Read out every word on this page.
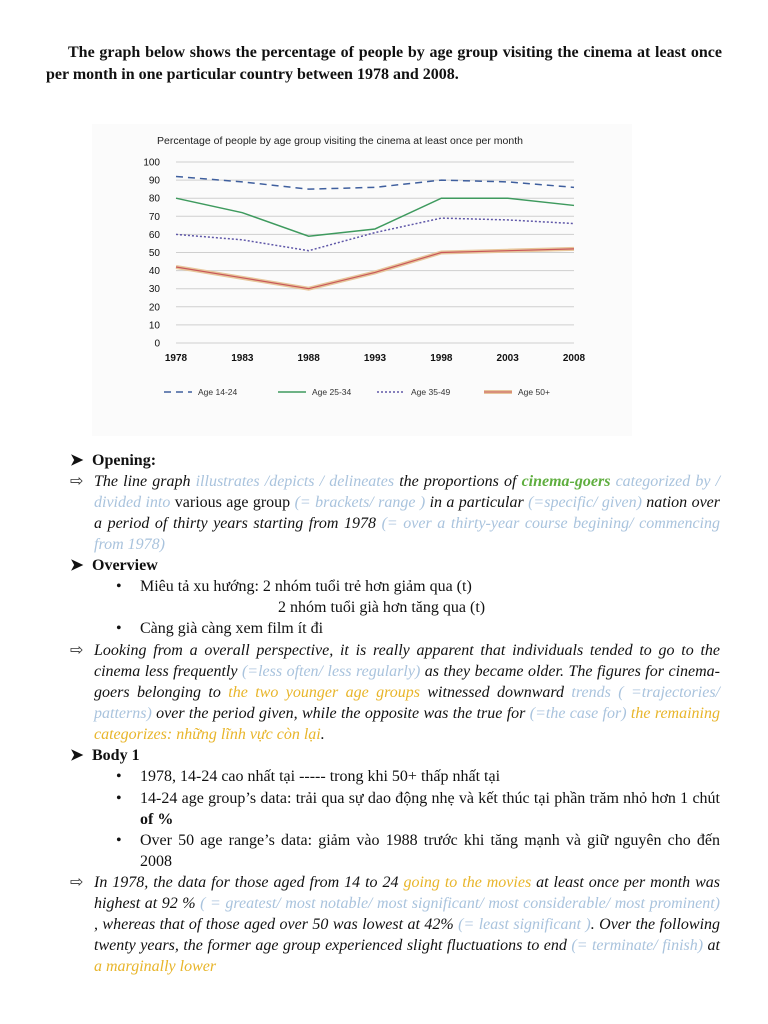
The graph below shows the percentage of people by age group visiting the cinema at least once per month in one particular country between 1978 and 2008.

Percentage of people by age group visiting the cinema at least once per month
100
90
80
70
60
50
40
30
20
10
0
1978	1983	1988	1993	1998	2003	2008
Age 14-24	Age 25-34	Age 35-49	Age 50+

➤ Opening:

⇨ The line graph illustrates /depicts / delineates the proportions of cinema-goers categorized by / divided into various age group (= brackets/ range ) in a particular (=specific/ given) nation over a period of thirty years starting from 1978 (= over a thirty-year course begining/ commencing from 1978)

➤ Overview

•	Miêu tả xu hướng: 2 nhóm tuổi trẻ hơn giảm qua (t)
2 nhóm tuổi già hơn tăng qua (t)
•	Càng già càng xem film ít đi

⇨ Looking from a overall perspective, it is really apparent that individuals tended to go to the cinema less frequently (=less often/ less regularly) as they became older. The figures for cinema-goers belonging to the two younger age groups witnessed downward trends ( =trajectories/ patterns) over the period given, while the opposite was the true for (=the case for) the remaining categorizes: những lĩnh vực còn lại.

➤ Body 1

•	1978, 14-24 cao nhất tại ----- trong khi 50+ thấp nhất tại
•	14-24 age group’s data: trải qua sự dao động nhẹ và kết thúc tại phần trăm nhỏ hơn 1 chút of %
•	Over 50 age range’s data: giảm vào 1988 trước khi tăng mạnh và giữ nguyên cho đến 2008

⇨ In 1978, the data for those aged from 14 to 24 going to the movies at least once per month was highest at 92 % ( = greatest/ most notable/ most significant/ most considerable/ most prominent) , whereas that of those aged over 50 was lowest at 42% (= least significant ). Over the following twenty years, the former age group experienced slight fluctuations to end (= terminate/ finish) at a marginally lower
